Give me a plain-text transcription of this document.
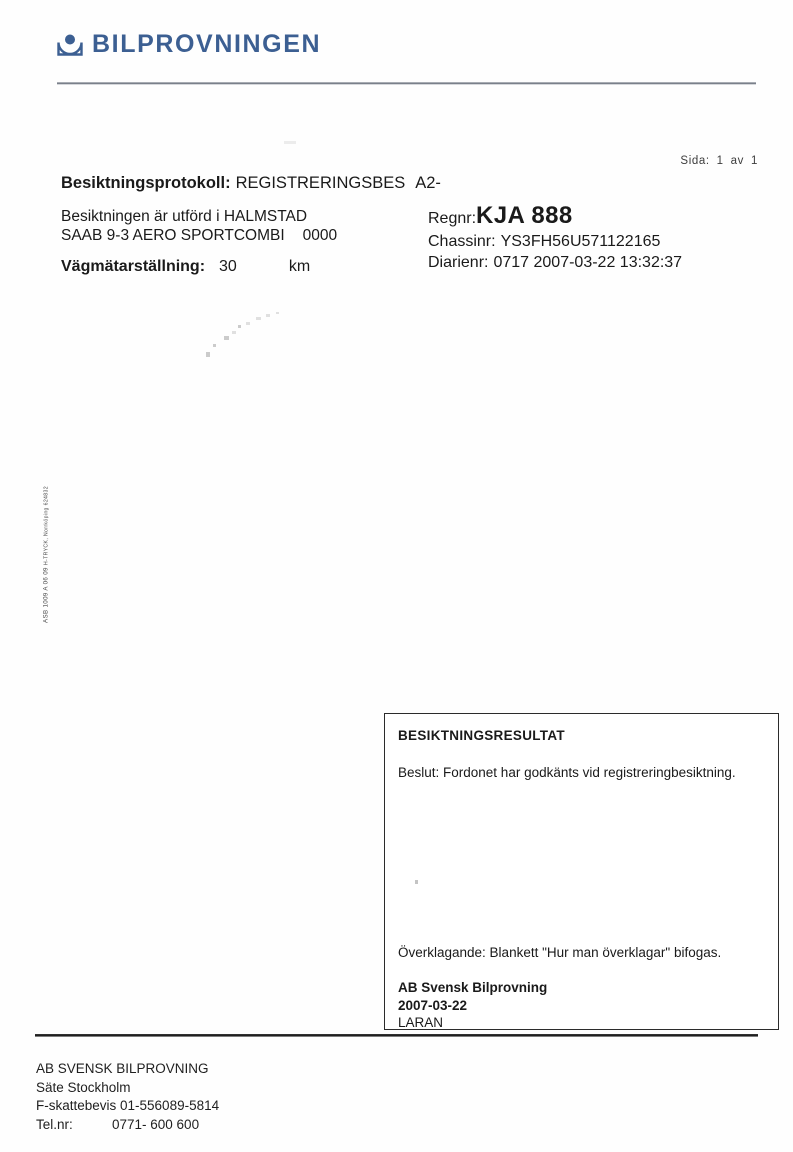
BILPROVNINGEN
Sida: 1 av 1
Besiktningsprotokoll: REGISTRERINGSBES A2-
Besiktningen är utförd i HALMSTAD
SAAB 9-3 AERO SPORTCOMBI 0000
Vägmätarställning: 30	km
Regnr:KJA 888
Chassinr: YS3FH56U571122165
Diarienr: 0717 2007-03-22 13:32:37
ASB 1009 A 06 09 H-TRYCK, Norrköping 624832
BESIKTNINGSRESULTAT
Beslut: Fordonet har godkänts vid registreringbesiktning.
Överklagande: Blankett "Hur man överklagar" bifogas.
AB Svensk Bilprovning
2007-03-22
LARAN
AB SVENSK BILPROVNING
Säte Stockholm
F-skattebevis 01-556089-5814
Tel.nr:	0771- 600 600
